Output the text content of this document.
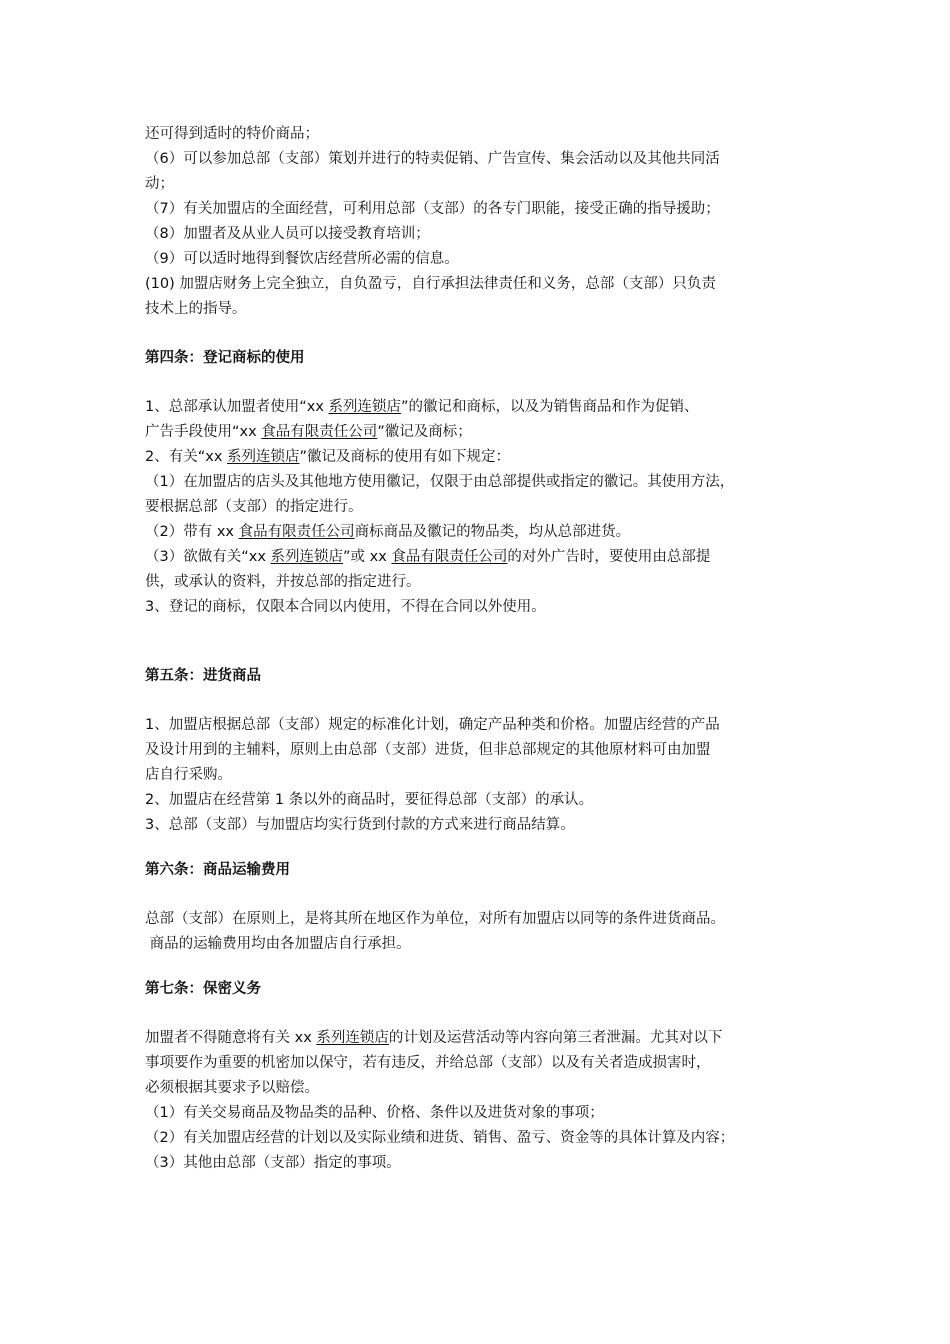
还可得到适时的特价商品；
（6）可以参加总部（支部）策划并进行的特卖促销、广告宣传、集会活动以及其他共同活
动；
（7）有关加盟店的全面经营，可利用总部（支部）的各专门职能，接受正确的指导援助；
（8）加盟者及从业人员可以接受教育培训；
（9）可以适时地得到餐饮店经营所必需的信息。
(10) 加盟店财务上完全独立，自负盈亏，自行承担法律责任和义务，总部（支部）只负责
技术上的指导。
第四条：登记商标的使用
1、总部承认加盟者使用“xx 系列连锁店”的徽记和商标，以及为销售商品和作为促销、
广告手段使用“xx 食品有限责任公司”徽记及商标；
2、有关“xx 系列连锁店”徽记及商标的使用有如下规定：
（1）在加盟店的店头及其他地方使用徽记，仅限于由总部提供或指定的徽记。其使用方法，
要根据总部（支部）的指定进行。
（2）带有 xx 食品有限责任公司商标商品及徽记的物品类，均从总部进货。
（3）欲做有关“xx 系列连锁店”或 xx 食品有限责任公司的对外广告时，要使用由总部提
供，或承认的资料，并按总部的指定进行。
3、登记的商标，仅限本合同以内使用，不得在合同以外使用。
第五条：进货商品
1、加盟店根据总部（支部）规定的标准化计划，确定产品种类和价格。加盟店经营的产品
及设计用到的主辅料，原则上由总部（支部）进货，但非总部规定的其他原材料可由加盟
店自行采购。
2、加盟店在经营第 1 条以外的商品时，要征得总部（支部）的承认。
3、总部（支部）与加盟店均实行货到付款的方式来进行商品结算。
第六条：商品运输费用
总部（支部）在原则上，是将其所在地区作为单位，对所有加盟店以同等的条件进货商品。
商品的运输费用均由各加盟店自行承担。
第七条：保密义务
加盟者不得随意将有关 xx 系列连锁店的计划及运营活动等内容向第三者泄漏。尤其对以下
事项要作为重要的机密加以保守，若有违反，并给总部（支部）以及有关者造成损害时，
必须根据其要求予以赔偿。
（1）有关交易商品及物品类的品种、价格、条件以及进货对象的事项；
（2）有关加盟店经营的计划以及实际业绩和进货、销售、盈亏、资金等的具体计算及内容；
（3）其他由总部（支部）指定的事项。
